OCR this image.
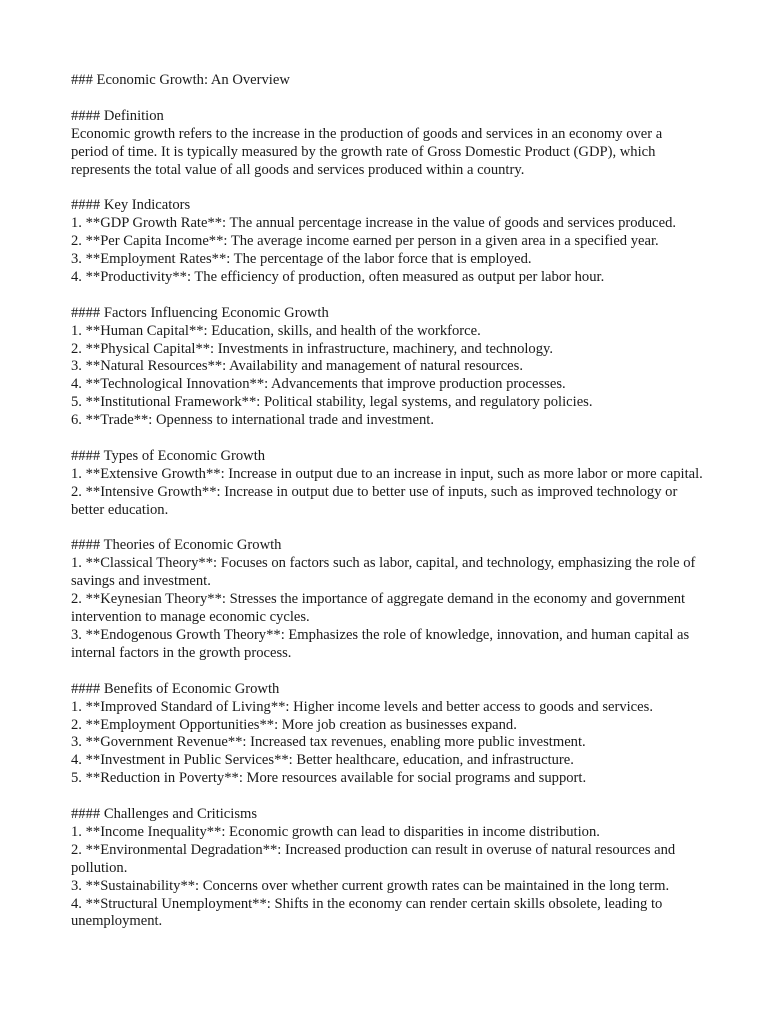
### Economic Growth: An Overview
#### Definition
Economic growth refers to the increase in the production of goods and services in an economy over a period of time. It is typically measured by the growth rate of Gross Domestic Product (GDP), which represents the total value of all goods and services produced within a country.
#### Key Indicators
1. **GDP Growth Rate**: The annual percentage increase in the value of goods and services produced.
2. **Per Capita Income**: The average income earned per person in a given area in a specified year.
3. **Employment Rates**: The percentage of the labor force that is employed.
4. **Productivity**: The efficiency of production, often measured as output per labor hour.
#### Factors Influencing Economic Growth
1. **Human Capital**: Education, skills, and health of the workforce.
2. **Physical Capital**: Investments in infrastructure, machinery, and technology.
3. **Natural Resources**: Availability and management of natural resources.
4. **Technological Innovation**: Advancements that improve production processes.
5. **Institutional Framework**: Political stability, legal systems, and regulatory policies.
6. **Trade**: Openness to international trade and investment.
#### Types of Economic Growth
1. **Extensive Growth**: Increase in output due to an increase in input, such as more labor or more capital.
2. **Intensive Growth**: Increase in output due to better use of inputs, such as improved technology or better education.
#### Theories of Economic Growth
1. **Classical Theory**: Focuses on factors such as labor, capital, and technology, emphasizing the role of savings and investment.
2. **Keynesian Theory**: Stresses the importance of aggregate demand in the economy and government intervention to manage economic cycles.
3. **Endogenous Growth Theory**: Emphasizes the role of knowledge, innovation, and human capital as internal factors in the growth process.
#### Benefits of Economic Growth
1. **Improved Standard of Living**: Higher income levels and better access to goods and services.
2. **Employment Opportunities**: More job creation as businesses expand.
3. **Government Revenue**: Increased tax revenues, enabling more public investment.
4. **Investment in Public Services**: Better healthcare, education, and infrastructure.
5. **Reduction in Poverty**: More resources available for social programs and support.
#### Challenges and Criticisms
1. **Income Inequality**: Economic growth can lead to disparities in income distribution.
2. **Environmental Degradation**: Increased production can result in overuse of natural resources and pollution.
3. **Sustainability**: Concerns over whether current growth rates can be maintained in the long term.
4. **Structural Unemployment**: Shifts in the economy can render certain skills obsolete, leading to unemployment.
